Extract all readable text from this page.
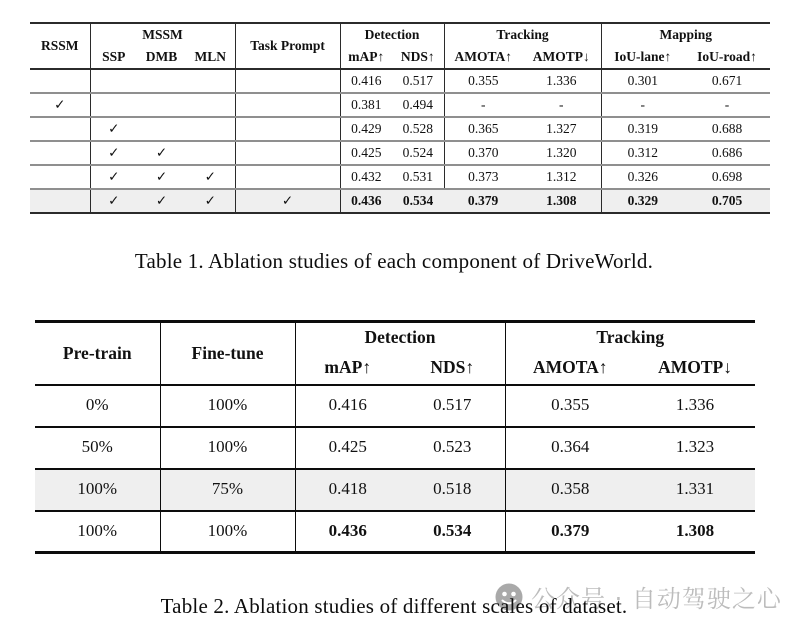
RSSM	MSSM			Task Prompt	Detection		Tracking		Mapping	
	SSP	DMB	MLN		mAP↑	NDS↑	AMOTA↑	AMOTP↓	IoU-lane↑	IoU-road↑
					0.416	0.517	0.355	1.336	0.301	0.671
✓					0.381	0.494	-	-	-	-
	✓				0.429	0.528	0.365	1.327	0.319	0.688
	✓	✓			0.425	0.524	0.370	1.320	0.312	0.686
	✓	✓	✓		0.432	0.531	0.373	1.312	0.326	0.698
	✓	✓	✓	✓	0.436	0.534	0.379	1.308	0.329	0.705
Table 1. Ablation studies of each component of DriveWorld.
Pre-train	Fine-tune	Detection		Tracking	
		mAP↑	NDS↑	AMOTA↑	AMOTP↓
0%	100%	0.416	0.517	0.355	1.336
50%	100%	0.425	0.523	0.364	1.323
100%	75%	0.418	0.518	0.358	1.331
100%	100%	0.436	0.534	0.379	1.308
公众号 · 自动驾驶之心
Table 2. Ablation studies of different scales of dataset.
